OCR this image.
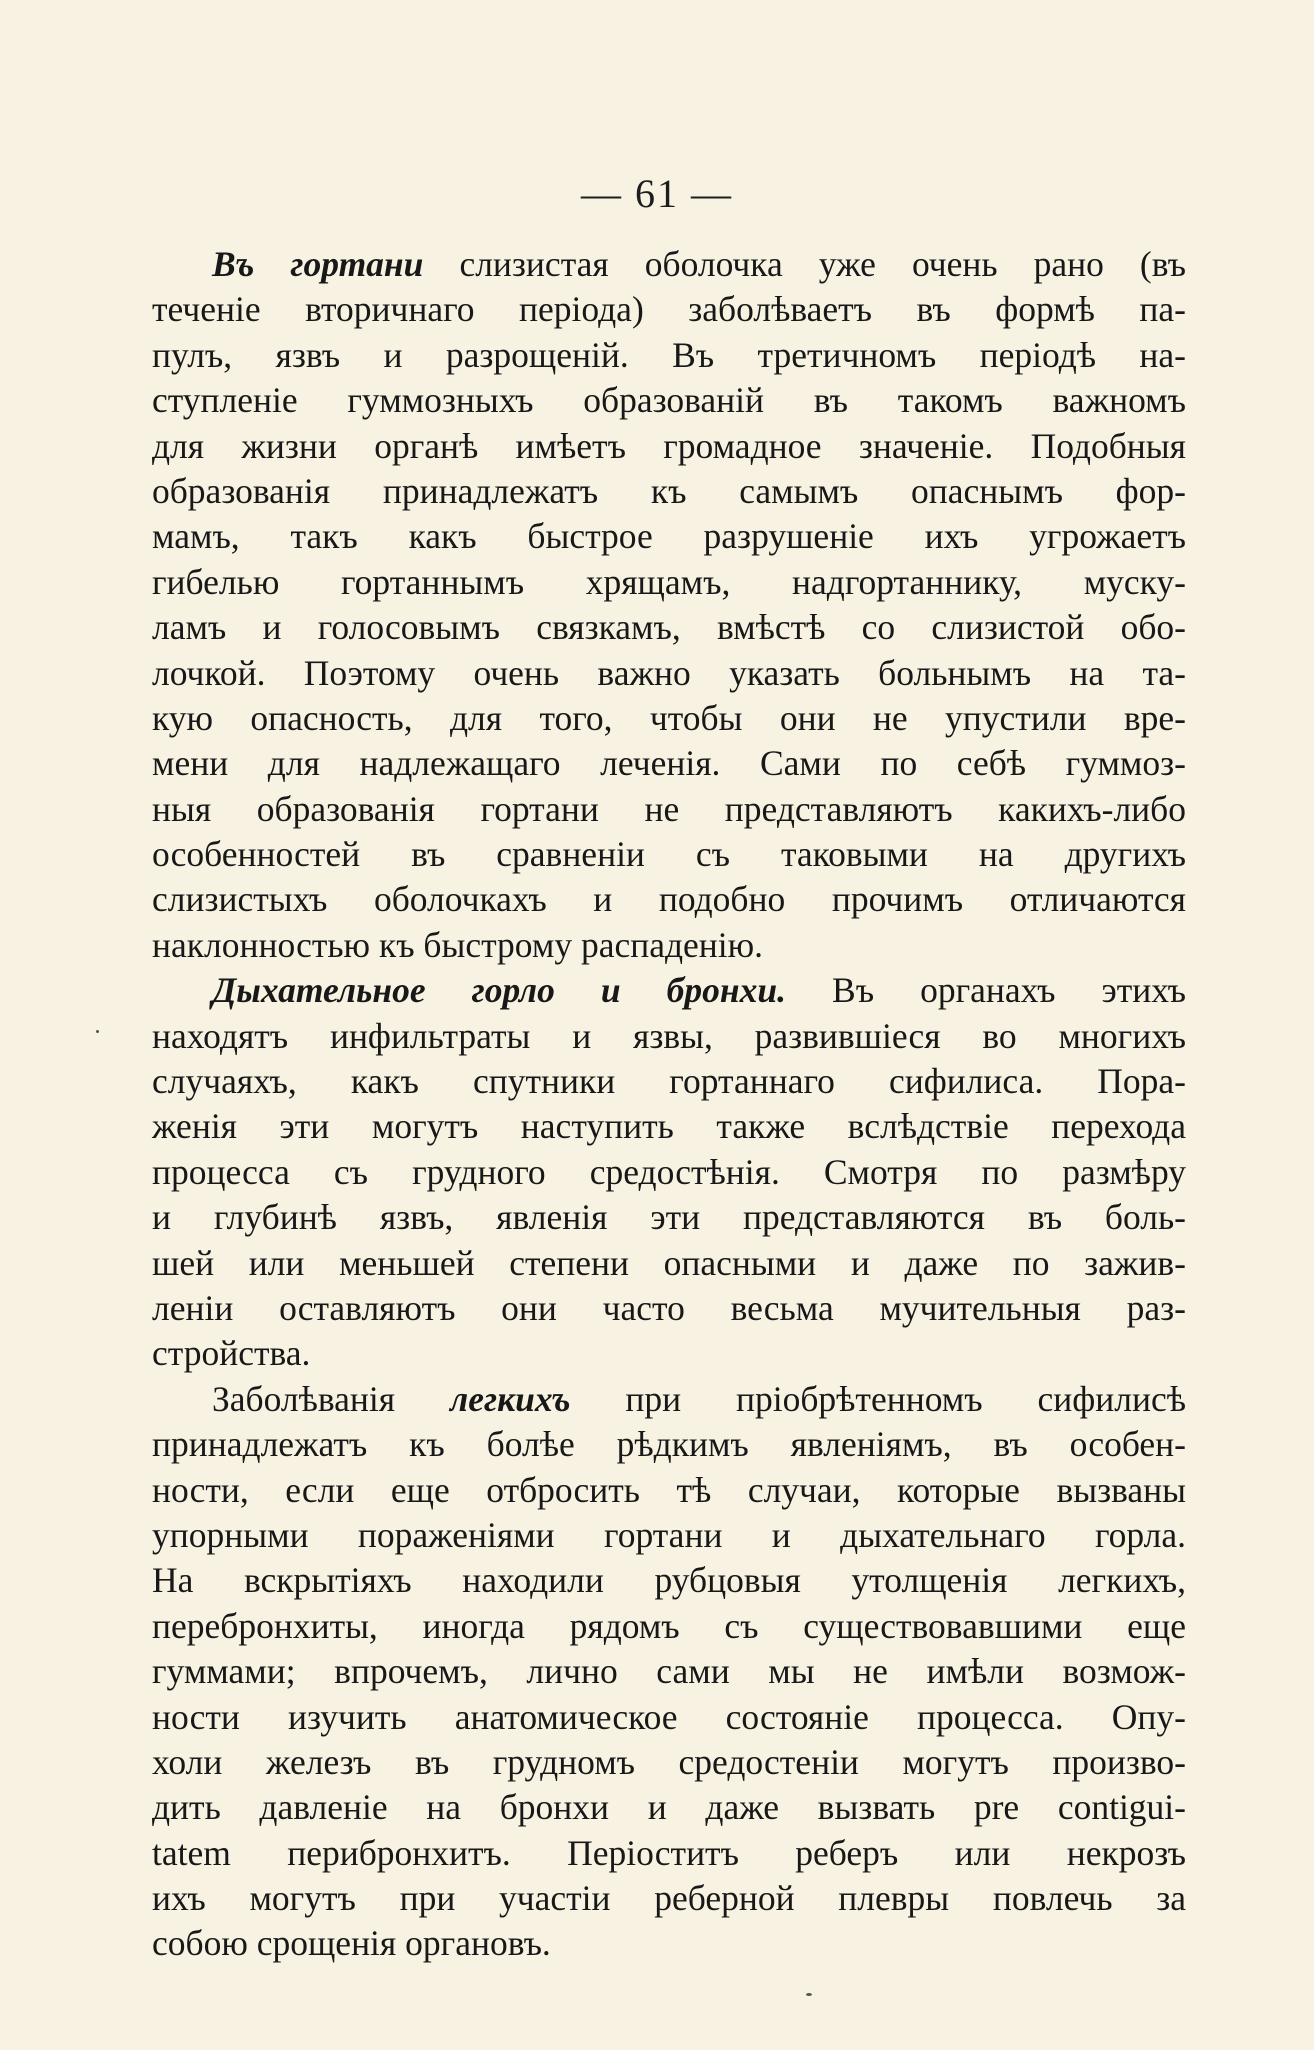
— 61 —
Въ гортани слизистая оболочка уже очень рано (въ
теченіе вторичнаго періода) заболѣваетъ въ формѣ па-
пулъ, язвъ и разрощеній. Въ третичномъ періодѣ на-
ступленіе гуммозныхъ образованій въ такомъ важномъ
для жизни органѣ имѣетъ громадное значеніе. Подобныя
образованія принадлежатъ къ самымъ опаснымъ фор-
мамъ, такъ какъ быстрое разрушеніе ихъ угрожаетъ
гибелью гортаннымъ хрящамъ, надгортаннику, муску-
ламъ и голосовымъ связкамъ, вмѣстѣ со слизистой обо-
лочкой. Поэтому очень важно указать больнымъ на та-
кую опасность, для того, чтобы они не упустили вре-
мени для надлежащаго леченія. Сами по себѣ гуммоз-
ныя образованія гортани не представляютъ какихъ-либо
особенностей въ сравненіи съ таковыми на другихъ
слизистыхъ оболочкахъ и подобно прочимъ отличаются
наклонностью къ быстрому распаденію.
Дыхательное горло и бронхи. Въ органахъ этихъ
находятъ инфильтраты и язвы, развившіеся во многихъ
случаяхъ, какъ спутники гортаннаго сифилиса. Пора-
женія эти могутъ наступить также вслѣдствіе перехода
процесса съ грудного средостѣнія. Смотря по размѣру
и глубинѣ язвъ, явленія эти представляются въ боль-
шей или меньшей степени опасными и даже по зажив-
леніи оставляютъ они часто весьма мучительныя раз-
стройства.
Заболѣванія легкихъ при пріобрѣтенномъ сифилисѣ
принадлежатъ къ болѣе рѣдкимъ явленіямъ, въ особен-
ности, если еще отбросить тѣ случаи, которые вызваны
упорными пораженіями гортани и дыхательнаго горла.
На вскрытіяхъ находили рубцовыя утолщенія легкихъ,
перебронхиты, иногда рядомъ съ существовавшими еще
гуммами; впрочемъ, лично сами мы не имѣли возмож-
ности изучить анатомическое состояніе процесса. Опу-
холи железъ въ грудномъ средостеніи могутъ произво-
дить давленіе на бронхи и даже вызвать pre contigui-
tatem перибронхитъ. Періоститъ реберъ или некрозъ
ихъ могутъ при участіи реберной плевры повлечь за
собою срощенія органовъ.
